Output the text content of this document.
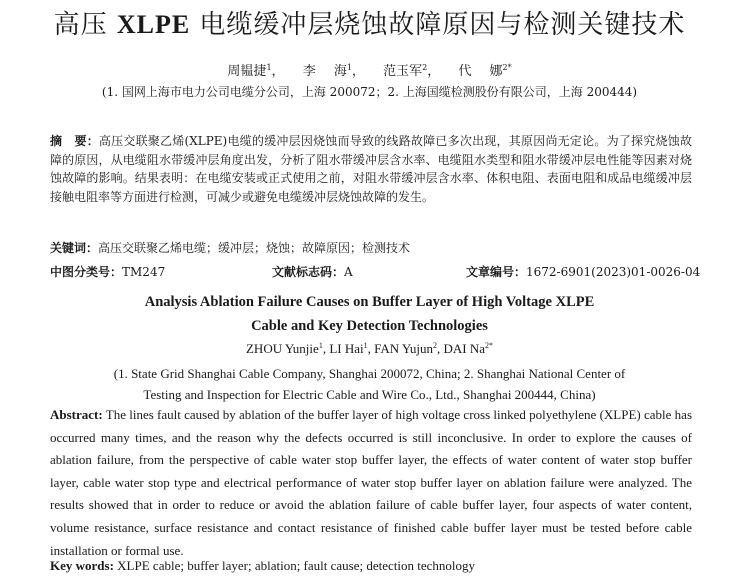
高压 XLPE 电缆缓冲层烧蚀故障原因与检测关键技术
周韫捷$^1$， 李 海$^1$， 范玉军$^2$， 代 娜$^{2*}$
(1. 国网上海市电力公司电缆分公司，上海 200072；2. 上海国缆检测股份有限公司，上海 200444)
摘　要：高压交联聚乙烯(XLPE)电缆的缓冲层因烧蚀而导致的线路故障已多次出现，其原因尚无定论。为了探究烧蚀故障的原因，从电缆阻水带缓冲层角度出发，分析了阻水带缓冲层含水率、电缆阻水类型和阻水带缓冲层电性能等因素对烧蚀故障的影响。结果表明：在电缆安装或正式使用之前，对阻水带缓冲层含水率、体积电阻、表面电阻和成品电缆缓冲层接触电阻率等方面进行检测，可减少或避免电缆缓冲层烧蚀故障的发生。
关键词：高压交联聚乙烯电缆；缓冲层；烧蚀；故障原因；检测技术
中图分类号：TM247	文献标志码：A	文章编号：1672-6901(2023)01-0026-04
Analysis Ablation Failure Causes on Buffer Layer of High Voltage XLPE
Cable and Key Detection Technologies
ZHOU Yunjie$^1$, LI Hai$^1$, FAN Yujun$^2$, DAI $Na^{2*}$
(1. State Grid Shanghai Cable Company, Shanghai 200072, China; 2. Shanghai National Center of
Testing and Inspection for Electric Cable and Wire Co., Ltd., Shanghai 200444, China)
Abstract: The lines fault caused by ablation of the buffer layer of high voltage cross linked polyethylene (XLPE) cable has occurred many times, and the reason why the defects occurred is still inconclusive. In order to explore the causes of ablation failure, from the perspective of cable water stop buffer layer, the effects of water content of water stop buffer layer, cable water stop type and electrical performance of water stop buffer layer on ablation failure were analyzed. The results showed that in order to reduce or avoid the ablation failure of cable buffer layer, four aspects of water content, volume resistance, surface resistance and contact resistance of finished cable buffer layer must be tested before cable installation or formal use.
Key words: XLPE cable; buffer layer; ablation; fault cause; detection technology
